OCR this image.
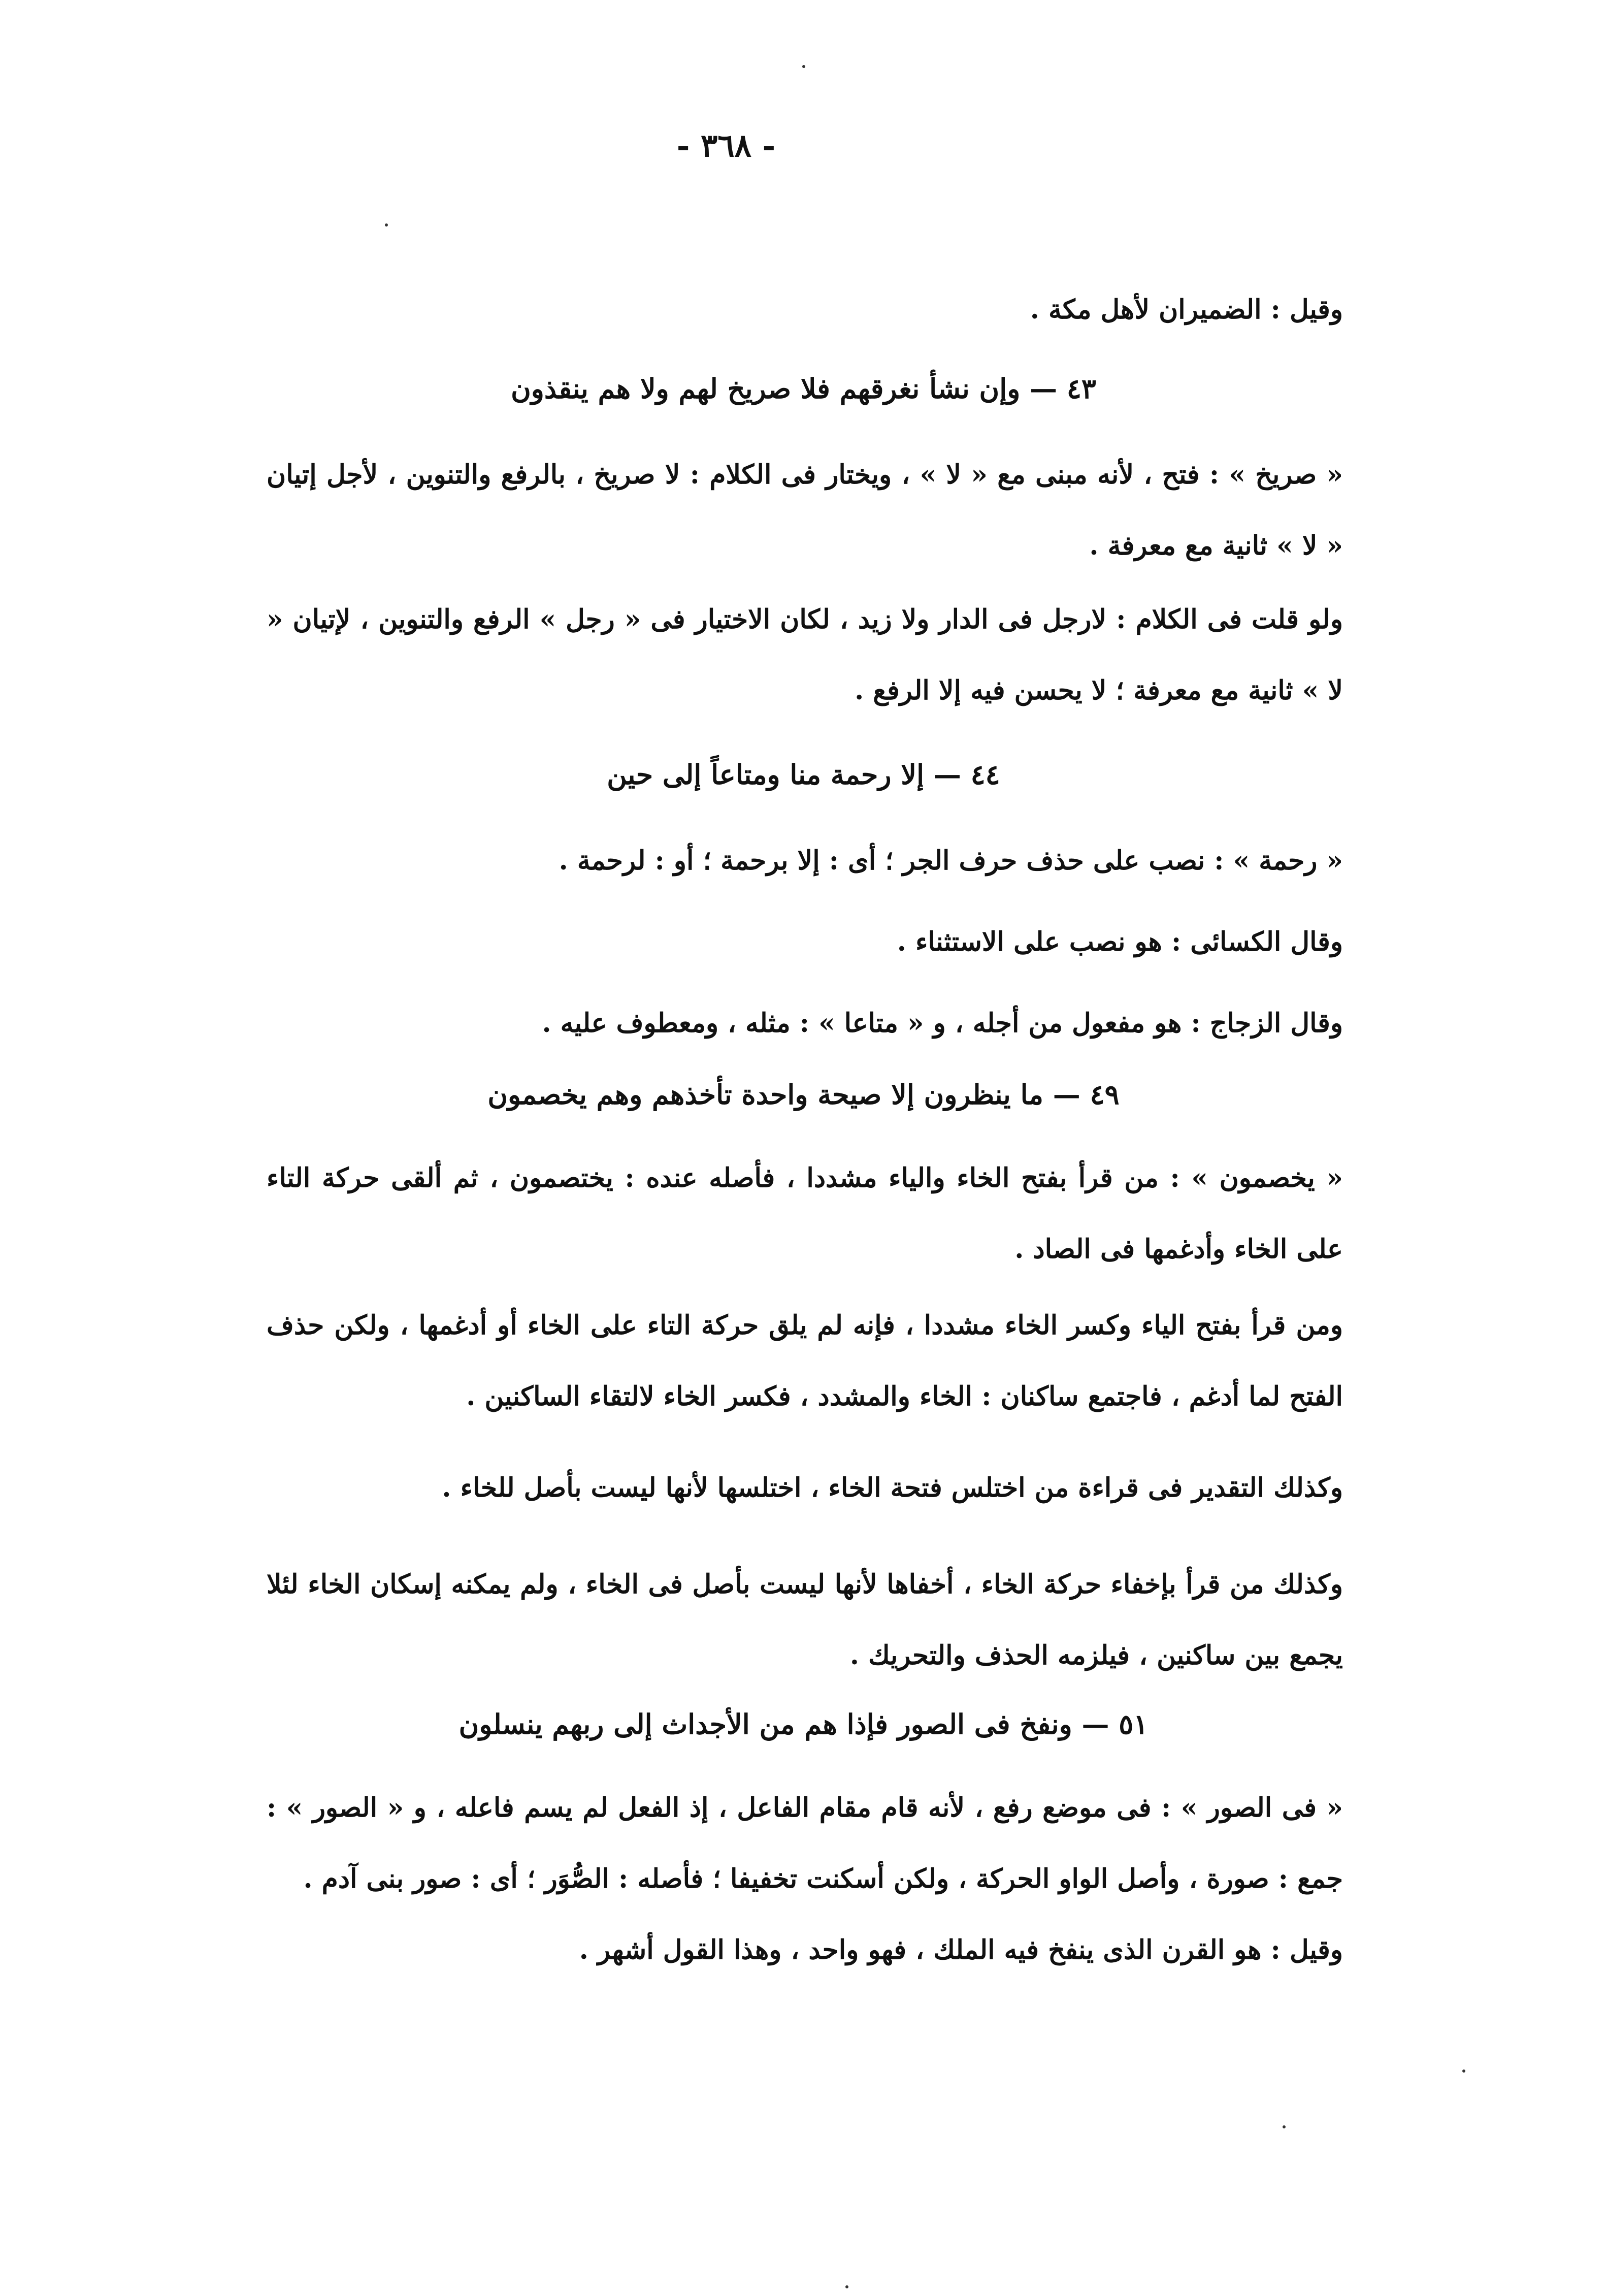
- ٣٦٨ -
وقيل : الضميران لأهل مكة .
٤٣ — وإن نشأ نغرقهم فلا صريخ لهم ولا هم ينقذون
« صريخ » : فتح ، لأنه مبنى مع « لا » ، ويختار فى الكلام : لا صريخ ، بالرفع والتنوين ، لأجل إتيان « لا » ثانية مع معرفة .
ولو قلت فى الكلام : لارجل فى الدار ولا زيد ، لكان الاختيار فى « رجل » الرفع والتنوين ، لإتيان « لا » ثانية مع معرفة ؛ لا يحسن فيه إلا الرفع .
٤٤ — إلا رحمة منا ومتاعاً إلى حين
« رحمة » : نصب على حذف حرف الجر ؛ أى : إلا برحمة ؛ أو : لرحمة .
وقال الكسائى : هو نصب على الاستثناء .
وقال الزجاج : هو مفعول من أجله ، و « متاعا » : مثله ، ومعطوف عليه .
٤٩ — ما ينظرون إلا صيحة واحدة تأخذهم وهم يخصمون
« يخصمون » : من قرأ بفتح الخاء والياء مشددا ، فأصله عنده : يختصمون ، ثم ألقى حركة التاء على الخاء وأدغمها فى الصاد .
ومن قرأ بفتح الياء وكسر الخاء مشددا ، فإنه لم يلق حركة التاء على الخاء أو أدغمها ، ولكن حذف الفتح لما أدغم ، فاجتمع ساكنان : الخاء والمشدد ، فكسر الخاء لالتقاء الساكنين .
وكذلك التقدير فى قراءة من اختلس فتحة الخاء ، اختلسها لأنها ليست بأصل للخاء .
وكذلك من قرأ بإخفاء حركة الخاء ، أخفاها لأنها ليست بأصل فى الخاء ، ولم يمكنه إسكان الخاء لئلا يجمع بين ساكنين ، فيلزمه الحذف والتحريك .
٥١ — ونفخ فى الصور فإذا هم من الأجداث إلى ربهم ينسلون
« فى الصور » : فى موضع رفع ، لأنه قام مقام الفاعل ، إذ الفعل لم يسم فاعله ، و « الصور » : جمع : صورة ، وأصل الواو الحركة ، ولكن أسكنت تخفيفا ؛ فأصله : الصُّوَر ؛ أى : صور بنى آدم .
وقيل : هو القرن الذى ينفخ فيه الملك ، فهو واحد ، وهذا القول أشهر .
